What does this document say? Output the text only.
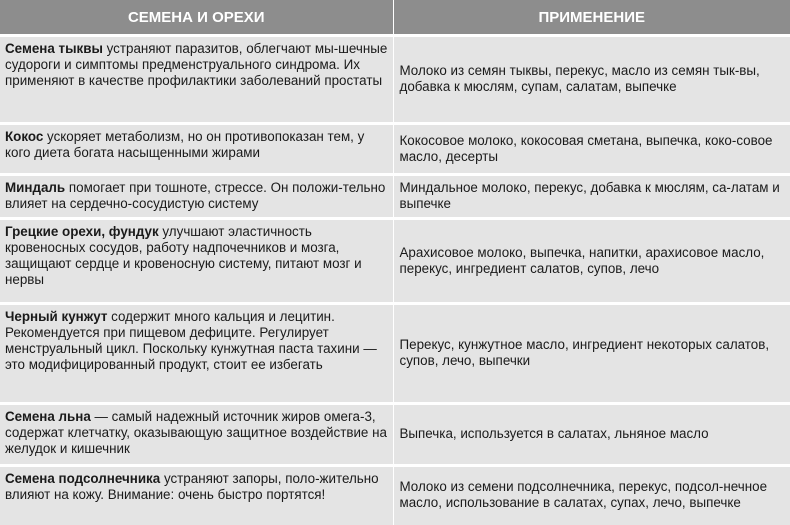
СЕМЕНА И ОРЕХИ	ПРИМЕНЕНИЕ
Семена тыквы устраняют паразитов, облегчают мы-шечные судороги и симптомы предменструального синдрома. Их применяют в качестве профилактики заболеваний простаты	Молоко из семян тыквы, перекус, масло из семян тык-вы, добавка к мюслям, супам, салатам, выпечке
Кокос ускоряет метаболизм, но он противопоказан тем, у кого диета богата насыщенными жирами	Кокосовое молоко, кокосовая сметана, выпечка, коко-совое масло, десерты
Миндаль помогает при тошноте, стрессе. Он положи-тельно влияет на сердечно-сосудистую систему	Миндальное молоко, перекус, добавка к мюслям, са-латам и выпечке
Грецкие орехи, фундук улучшают эластичность кровеносных сосудов, работу надпочечников и мозга, защищают сердце и кровеносную систему, питают мозг и нервы	Арахисовое молоко, выпечка, напитки, арахисовое масло, перекус, ингредиент салатов, супов, лечо
Черный кунжут содержит много кальция и лецитин. Рекомендуется при пищевом дефиците. Регулирует менструальный цикл. Поскольку кунжутная паста тахини — это модифицированный продукт, стоит ее избегать	Перекус, кунжутное масло, ингредиент некоторых салатов, супов, лечо, выпечки
Семена льна — самый надежный источник жиров омега-3, содержат клетчатку, оказывающую защитное воздействие на желудок и кишечник	Выпечка, используется в салатах, льняное масло
Семена подсолнечника устраняют запоры, поло-жительно влияют на кожу. Внимание: очень быстро портятся!	Молоко из семени подсолнечника, перекус, подсол-нечное масло, использование в салатах, супах, лечо, выпечке
